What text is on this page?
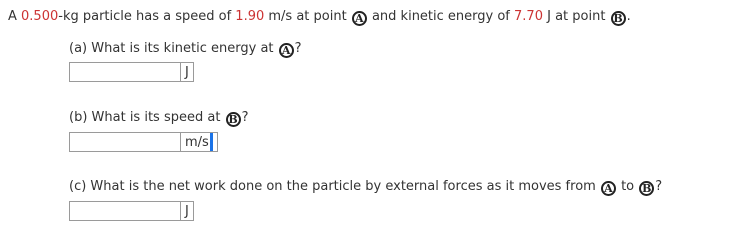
A 0.500-kg particle has a speed of 1.90 m/s at point A and kinetic energy of 7.70 J at point B .
(a) What is its kinetic energy at A ?
J
(b) What is its speed at B ?
m/s
(c) What is the net work done on the particle by external forces as it moves from A to B ?
J
